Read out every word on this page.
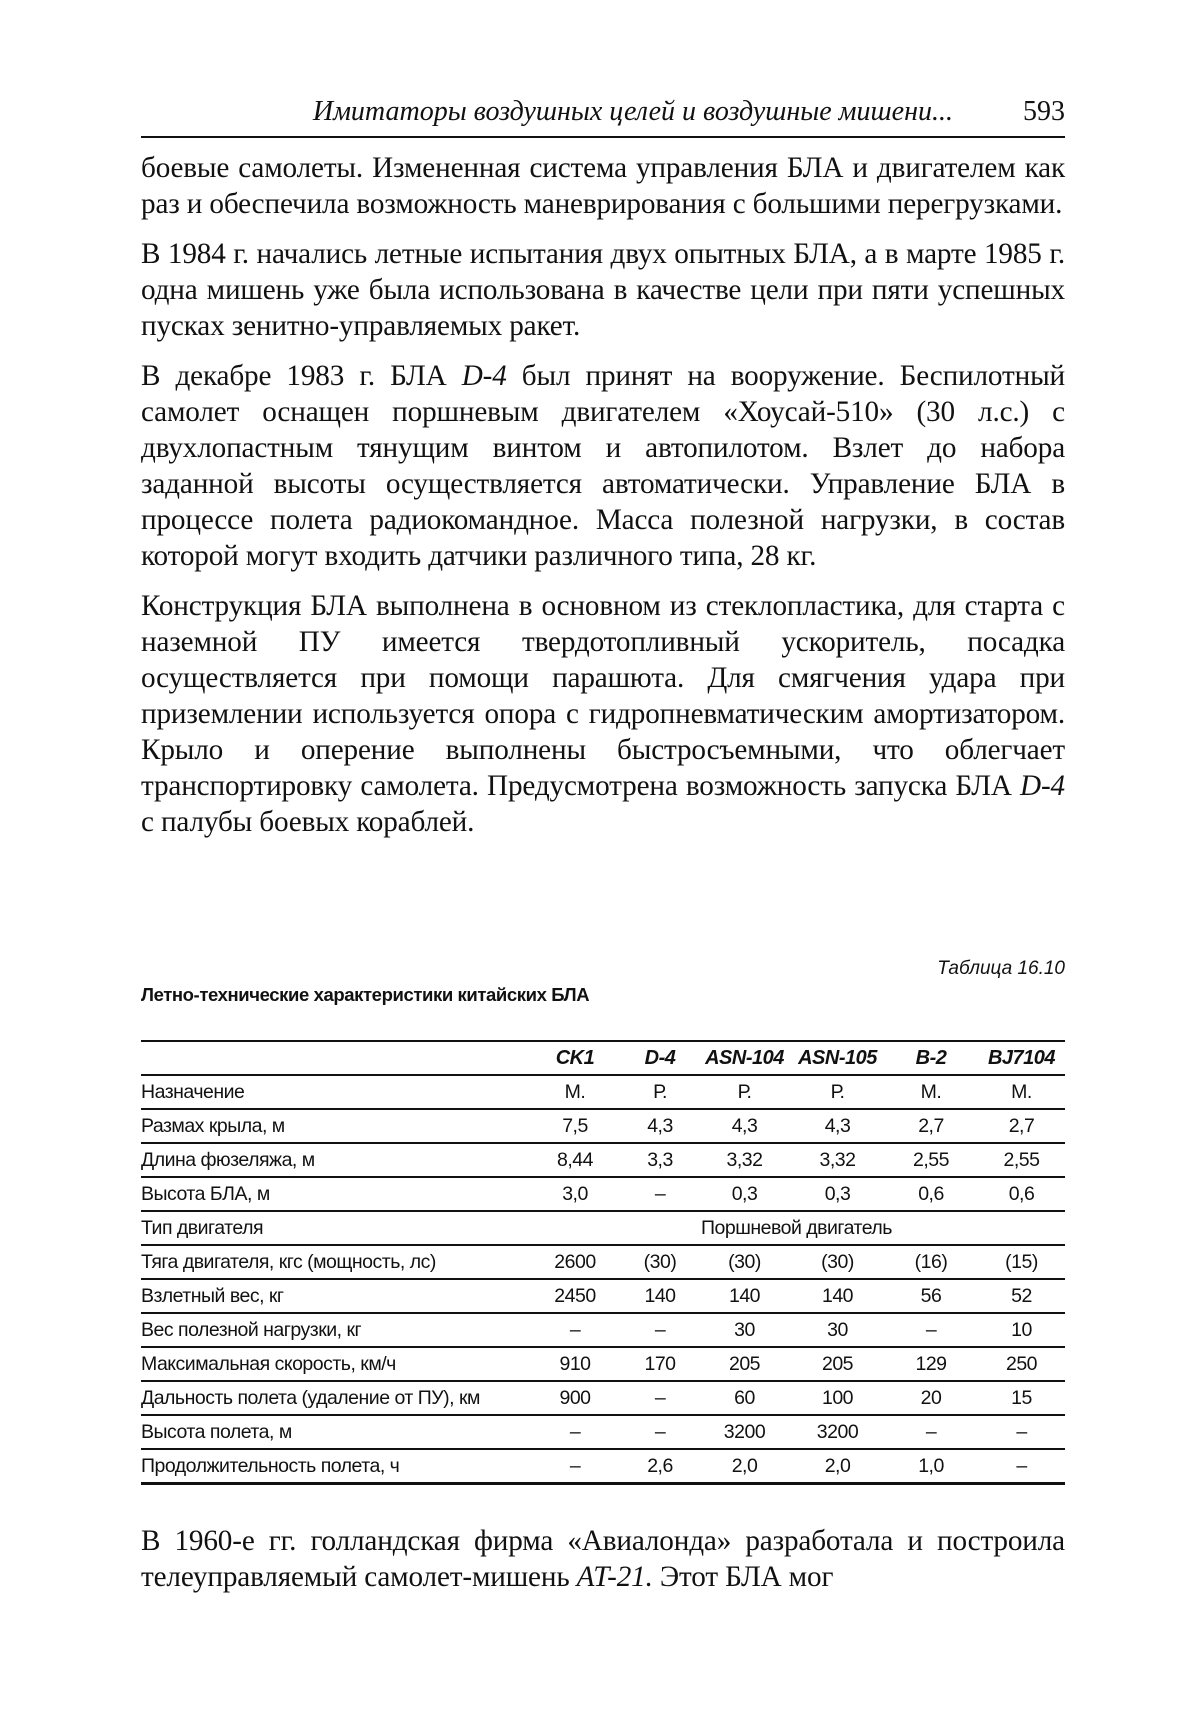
Имитаторы воздушных целей и воздушные мишени...	593

боевые самолеты. Измененная система управления БЛА и двигателем как раз и обеспечила возможность маневрирования с большими перегрузками.

В 1984 г. начались летные испытания двух опытных БЛА, а в марте 1985 г. одна мишень уже была использована в качестве цели при пяти успешных пусках зенитно-управляемых ракет.

В декабре 1983 г. БЛА D-4 был принят на вооружение. Беспилотный самолет оснащен поршневым двигателем «Хоусай-510» (30 л.с.) с двухлопастным тянущим винтом и автопилотом. Взлет до набора заданной высоты осуществляется автоматически. Управление БЛА в процессе полета радиокомандное. Масса полезной нагрузки, в состав которой могут входить датчики различного типа, 28 кг.

Конструкция БЛА выполнена в основном из стеклопластика, для старта с наземной ПУ имеется твердотопливный ускоритель, посадка осуществляется при помощи парашюта. Для смягчения удара при приземлении используется опора с гидропневматическим амортизатором. Крыло и оперение выполнены быстросъемными, что облегчает транспортировку самолета. Предусмотрена возможность запуска БЛА D-4 с палубы боевых кораблей.

Таблица 16.10
Летно-технические характеристики китайских БЛА
	CK1	D-4	ASN-104	ASN-105	B-2	BJ7104
Назначение	М.	Р.	Р.	Р.	М.	М.
Размах крыла, м	7,5	4,3	4,3	4,3	2,7	2,7
Длина фюзеляжа, м	8,44	3,3	3,32	3,32	2,55	2,55
Высота БЛА, м	3,0	–	0,3	0,3	0,6	0,6
Тип двигателя	Поршневой двигатель					
Тяга двигателя, кгс (мощность, лс)	2600	(30)	(30)	(30)	(16)	(15)
Взлетный вес, кг	2450	140	140	140	56	52
Вес полезной нагрузки, кг	–	–	30	30	–	10
Максимальная скорость, км/ч	910	170	205	205	129	250
Дальность полета (удаление от ПУ), км	900	–	60	100	20	15
Высота полета, м	–	–	3200	3200	–	–
Продолжительность полета, ч	–	2,6	2,0	2,0	1,0	–

В 1960-е гг. голландская фирма «Авиалонда» разработала и построила телеуправляемый самолет-мишень AT-21. Этот БЛА мог
